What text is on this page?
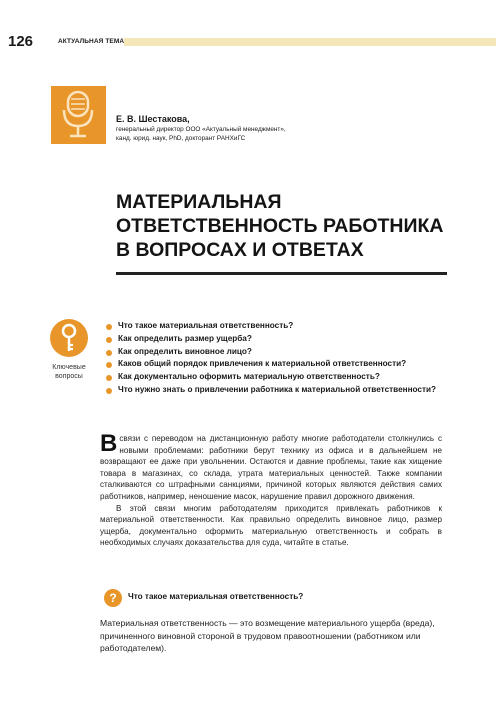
126	АКТУАЛЬНАЯ ТЕМА
Е. В. Шестакова,
генеральный директор ООО «Актуальный менеджмент»,
канд. юрид. наук, PhD, докторант РАНХиГС
МАТЕРИАЛЬНАЯ
ОТВЕТСТВЕННОСТЬ РАБОТНИКА
В ВОПРОСАХ И ОТВЕТАХ
Ключевые
вопросы
Что такое материальная ответственность?
Как определить размер ущерба?
Как определить виновное лицо?
Каков общий порядок привлечения к материальной ответственности?
Как документально оформить материальную ответственность?
Что нужно знать о привлечении работника к материальной ответственности?

Всвязи с переводом на дистанционную работу многие работодатели столкнулись с новыми проблемами: работники берут технику из офиса и в дальнейшем не возвращают ее даже при увольнении. Остаются и давние проблемы, такие как хищение товара в магазинах, со склада, утрата материальных ценностей. Также компании сталкиваются со штрафными санкциями, причиной которых являются действия самих работников, например, неношение масок, нарушение правил дорожного движения.

В этой связи многим работодателям приходится привлекать работников к материальной ответственности. Как правильно определить виновное лицо, размер ущерба, документально оформить материальную ответственность и собрать в необходимых случаях доказательства для суда, читайте в статье.

?	Что такое материальная ответственность?
Материальная ответственность — это возмещение материального ущерба (вреда), причиненного виновной стороной в трудовом правоотношении (работником или работодателем).
